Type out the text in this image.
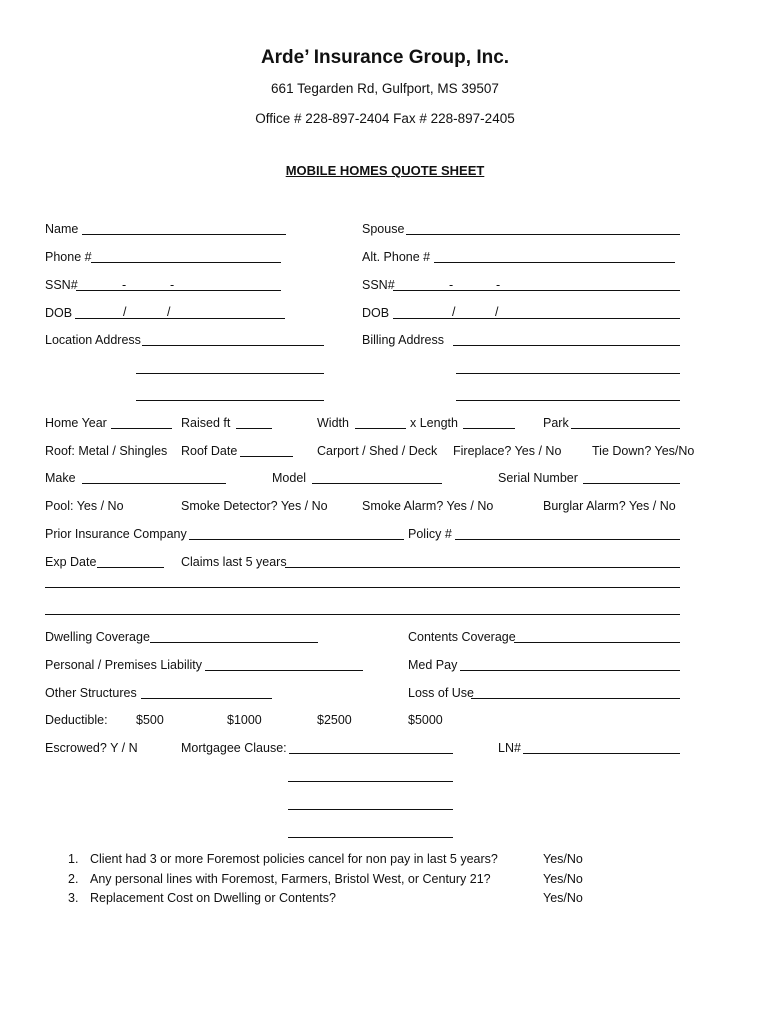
Arde’ Insurance Group, Inc.
661 Tegarden Rd, Gulfport, MS 39507
Office # 228-897-2404 Fax # 228-897-2405
MOBILE HOMES QUOTE SHEET
Name	Spouse
Phone #	Alt. Phone #
SSN#	-	-	SSN#	-	-
DOB	/	/	DOB	/	/
Location Address	Billing Address
Home Year	Raised ft	Width	x Length	Park
Roof: Metal / Shingles Roof Date	Carport / Shed / Deck Fireplace? Yes / No Tie Down? Yes/No
Make	Model	Serial Number
Pool: Yes / No	Smoke Detector? Yes / No	Smoke Alarm? Yes / No	Burglar Alarm? Yes / No
Prior Insurance Company	Policy #
Exp Date	Claims last 5 years
Dwelling Coverage	Contents Coverage
Personal / Premises Liability	Med Pay
Other Structures	Loss of Use
Deductible: $500	$1000	$2500	$5000
Escrowed? Y / N	Mortgagee Clause:	LN#
1. Client had 3 or more Foremost policies cancel for non pay in last 5 years?	Yes/No
2. Any personal lines with Foremost, Farmers, Bristol West, or Century 21?	Yes/No
3. Replacement Cost on Dwelling or Contents?	Yes/No
